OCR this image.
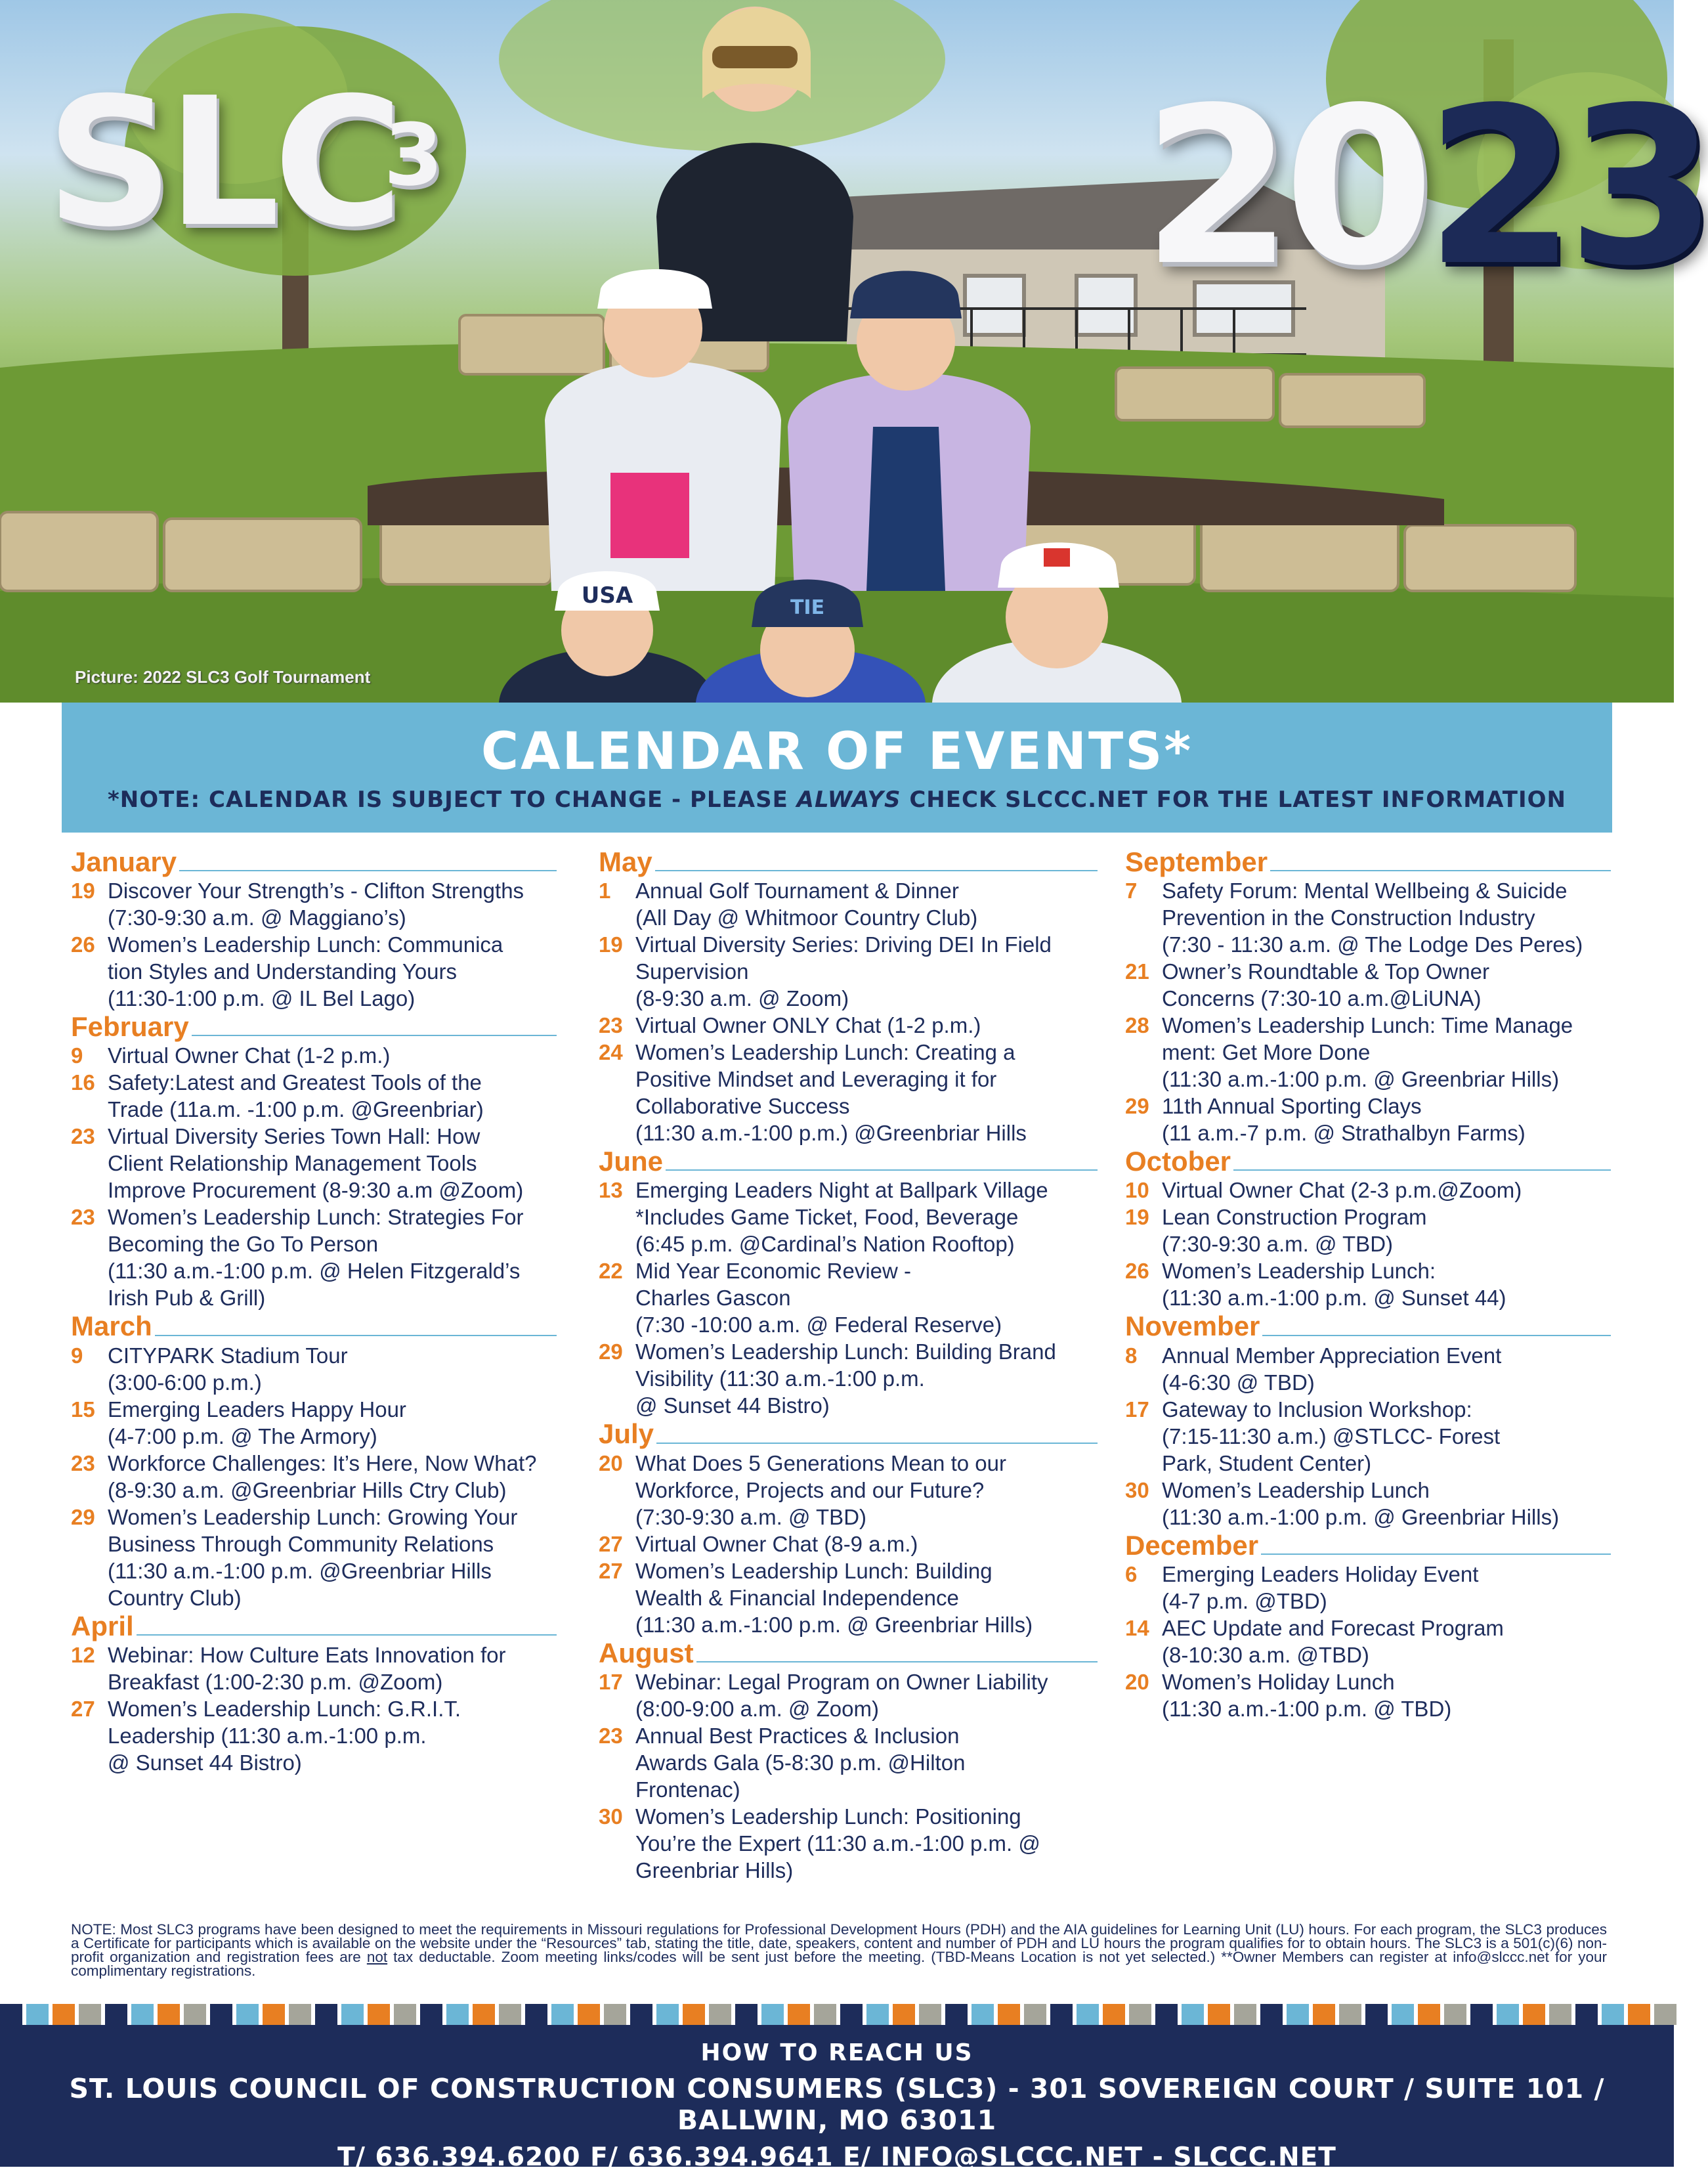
USA	TIE
SLC$^3$	2023
Picture: 2022 SLC3 Golf Tournament
CALENDAR OF EVENTS*
*NOTE: CALENDAR IS SUBJECT TO CHANGE - PLEASE ALWAYS CHECK SLCCC.NET FOR THE LATEST INFORMATION
January
19 Discover Your Strength’s - Clifton Strengths
(7:30-9:30 a.m. @ Maggiano’s)
26 Women’s Leadership Lunch: Communica
tion Styles and Understanding Yours
(11:30-1:00 p.m. @ IL Bel Lago)
February
9	Virtual Owner Chat (1-2 p.m.)
16 Safety:Latest and Greatest Tools of the
Trade (11a.m. -1:00 p.m. @Greenbriar)
23 Virtual Diversity Series Town Hall: How
Client Relationship Management Tools
Improve Procurement (8-9:30 a.m @Zoom)
23 Women’s Leadership Lunch: Strategies For
Becoming the Go To Person
(11:30 a.m.-1:00 p.m. @ Helen Fitzgerald’s
Irish Pub & Grill)
March
9	CITYPARK Stadium Tour
(3:00-6:00 p.m.)
15 Emerging Leaders Happy Hour
(4-7:00 p.m. @ The Armory)
23 Workforce Challenges: It’s Here, Now What?
(8-9:30 a.m. @Greenbriar Hills Ctry Club)
29 Women’s Leadership Lunch: Growing Your
Business Through Community Relations
(11:30 a.m.-1:00 p.m. @Greenbriar Hills
Country Club)
April
12 Webinar: How Culture Eats Innovation for
Breakfast (1:00-2:30 p.m. @Zoom)
27 Women’s Leadership Lunch: G.R.I.T.
Leadership (11:30 a.m.-1:00 p.m.
@ Sunset 44 Bistro)
May
1	Annual Golf Tournament & Dinner
(All Day @ Whitmoor Country Club)
19 Virtual Diversity Series: Driving DEI In Field
Supervision
(8-9:30 a.m. @ Zoom)
23 Virtual Owner ONLY Chat (1-2 p.m.)
24 Women’s Leadership Lunch: Creating a
Positive Mindset and Leveraging it for
Collaborative Success
(11:30 a.m.-1:00 p.m.) @Greenbriar Hills
June
13 Emerging Leaders Night at Ballpark Village
*Includes Game Ticket, Food, Beverage
(6:45 p.m. @Cardinal’s Nation Rooftop)
22 Mid Year Economic Review -
Charles Gascon
(7:30 -10:00 a.m. @ Federal Reserve)
29 Women’s Leadership Lunch: Building Brand
Visibility (11:30 a.m.-1:00 p.m.
@ Sunset 44 Bistro)
July
20 What Does 5 Generations Mean to our
Workforce, Projects and our Future?
(7:30-9:30 a.m. @ TBD)
27 Virtual Owner Chat (8-9 a.m.)
27 Women’s Leadership Lunch: Building
Wealth & Financial Independence
(11:30 a.m.-1:00 p.m. @ Greenbriar Hills)
August
17 Webinar: Legal Program on Owner Liability
(8:00-9:00 a.m. @ Zoom)
23 Annual Best Practices & Inclusion
Awards Gala (5-8:30 p.m. @Hilton
Frontenac)
30 Women’s Leadership Lunch: Positioning
You’re the Expert (11:30 a.m.-1:00 p.m. @
Greenbriar Hills)
September
7	Safety Forum: Mental Wellbeing & Suicide
Prevention in the Construction Industry
(7:30 - 11:30 a.m. @ The Lodge Des Peres)
21 Owner’s Roundtable & Top Owner
Concerns (7:30-10 a.m.@LiUNA)
28 Women’s Leadership Lunch: Time Manage
ment: Get More Done
(11:30 a.m.-1:00 p.m. @ Greenbriar Hills)
29 11th Annual Sporting Clays
(11 a.m.-7 p.m. @ Strathalbyn Farms)
October
10 Virtual Owner Chat (2-3 p.m.@Zoom)
19 Lean Construction Program
(7:30-9:30 a.m. @ TBD)
26 Women’s Leadership Lunch:
(11:30 a.m.-1:00 p.m. @ Sunset 44)
November
8	Annual Member Appreciation Event
(4-6:30 @ TBD)
17 Gateway to Inclusion Workshop:
(7:15-11:30 a.m.) @STLCC- Forest
Park, Student Center)
30 Women’s Leadership Lunch
(11:30 a.m.-1:00 p.m. @ Greenbriar Hills)
December
6	Emerging Leaders Holiday Event
(4-7 p.m. @TBD)
14 AEC Update and Forecast Program
(8-10:30 a.m. @TBD)
20 Women’s Holiday Lunch
(11:30 a.m.-1:00 p.m. @ TBD)
NOTE: Most SLC3 programs have been designed to meet the requirements in Missouri regulations for Professional Development Hours (PDH) and the AIA guidelines for Learning Unit (LU) hours. For each program, the SLC3 produces a Certificate for participants which is available on the website under the “Resources” tab, stating the title, date, speakers, content and number of PDH and LU hours the program qualifies for to obtain hours. The SLC3 is a 501(c)(6) non-profit organization and registration fees are not tax deductable. Zoom meeting links/codes will be sent just before the meeting. (TBD-Means Location is not yet selected.) **Owner Members can register at info@slccc.net for your complimentary registrations.
HOW TO REACH US
ST. LOUIS COUNCIL OF CONSTRUCTION CONSUMERS (SLC3) - 301 SOVEREIGN COURT / SUITE 101 / BALLWIN, MO 63011
T/ 636.394.6200 F/ 636.394.9641 E/ INFO@SLCCC.NET - SLCCC.NET
